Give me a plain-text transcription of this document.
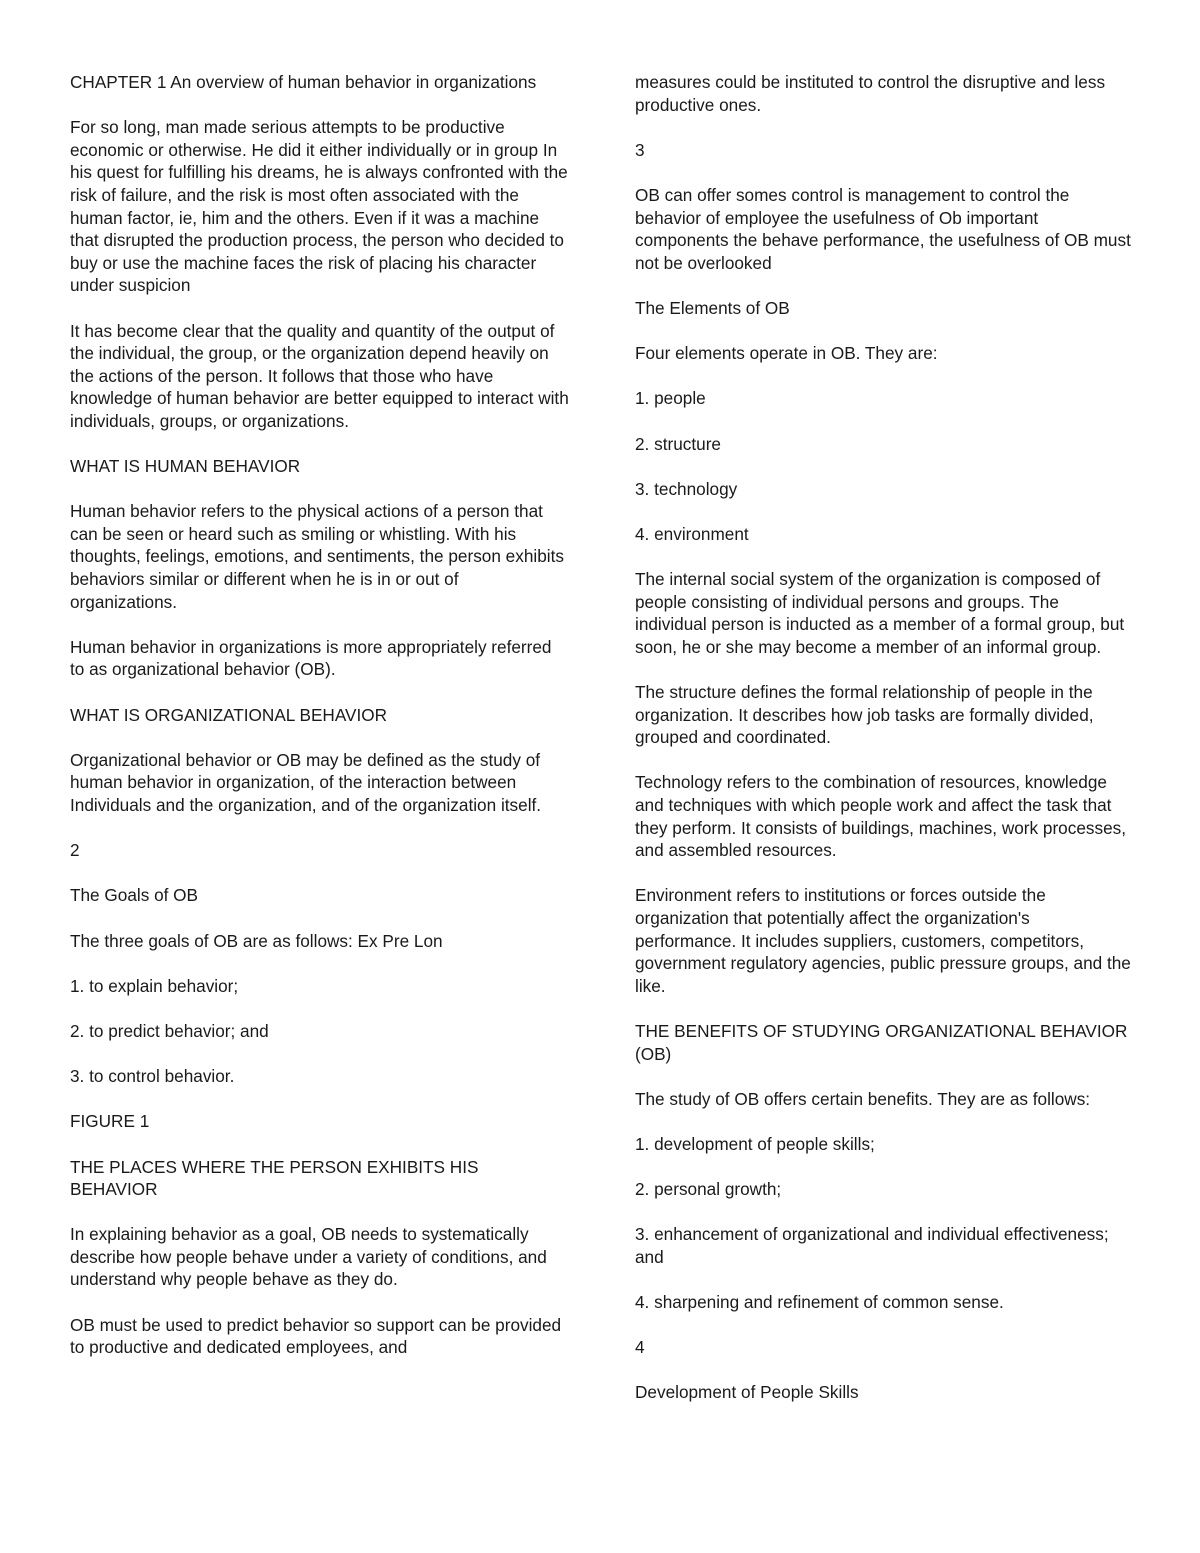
CHAPTER 1 An overview of human behavior in organizations

For so long, man made serious attempts to be productive economic or otherwise. He did it either individually or in group In his quest for fulfilling his dreams, he is always confronted with the risk of failure, and the risk is most often associated with the human factor, ie, him and the others. Even if it was a machine that disrupted the production process, the person who decided to buy or use the machine faces the risk of placing his character under suspicion

It has become clear that the quality and quantity of the output of the individual, the group, or the organization depend heavily on the actions of the person. It follows that those who have knowledge of human behavior are better equipped to interact with individuals, groups, or organizations.

WHAT IS HUMAN BEHAVIOR

Human behavior refers to the physical actions of a person that can be seen or heard such as smiling or whistling. With his thoughts, feelings, emotions, and sentiments, the person exhibits behaviors similar or different when he is in or out of organizations.

Human behavior in organizations is more appropriately referred to as organizational behavior (OB).

WHAT IS ORGANIZATIONAL BEHAVIOR

Organizational behavior or OB may be defined as the study of human behavior in organization, of the interaction between Individuals and the organization, and of the organization itself.

2

The Goals of OB

The three goals of OB are as follows: Ex Pre Lon

1. to explain behavior;

2. to predict behavior; and

3. to control behavior.

FIGURE 1

THE PLACES WHERE THE PERSON EXHIBITS HIS BEHAVIOR

In explaining behavior as a goal, OB needs to systematically describe how people behave under a variety of conditions, and understand why people behave as they do.

OB must be used to predict behavior so support can be provided to productive and dedicated employees, and

measures could be instituted to control the disruptive and less productive ones.

3

OB can offer somes control is management to control the behavior of employee the usefulness of Ob important components the behave performance, the usefulness of OB must not be overlooked

The Elements of OB

Four elements operate in OB. They are:

1. people

2. structure

3. technology

4. environment

The internal social system of the organization is composed of people consisting of individual persons and groups. The individual person is inducted as a member of a formal group, but soon, he or she may become a member of an informal group.

The structure defines the formal relationship of people in the organization. It describes how job tasks are formally divided, grouped and coordinated.

Technology refers to the combination of resources, knowledge and techniques with which people work and affect the task that they perform. It consists of buildings, machines, work processes, and assembled resources.

Environment refers to institutions or forces outside the organization that potentially affect the organization's performance. It includes suppliers, customers, competitors, government regulatory agencies, public pressure groups, and the like.

THE BENEFITS OF STUDYING ORGANIZATIONAL BEHAVIOR (OB)

The study of OB offers certain benefits. They are as follows:

1. development of people skills;

2. personal growth;

3. enhancement of organizational and individual effectiveness; and

4. sharpening and refinement of common sense.

4

Development of People Skills
